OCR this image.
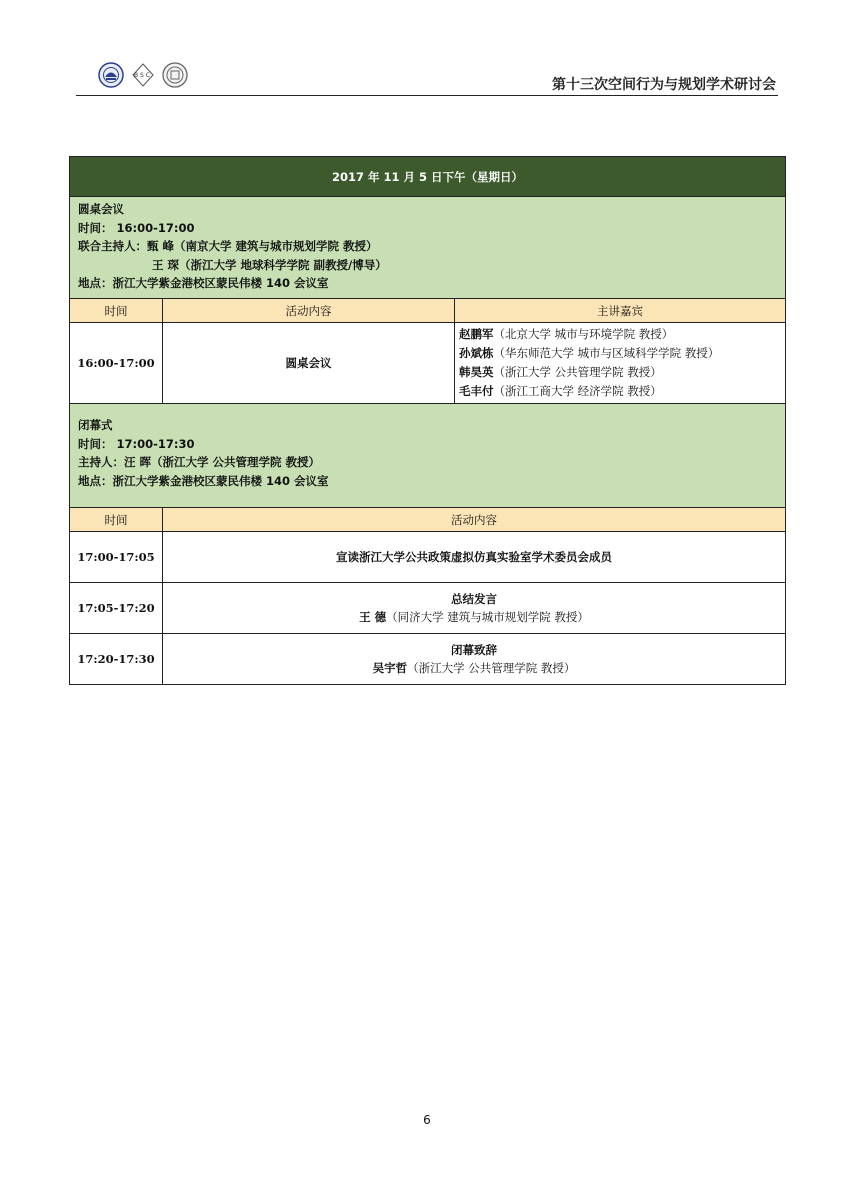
B S C
第十三次空间行为与规划学术研讨会
2017 年 11 月 5 日下午（星期日）		

圆桌会议
时间： 16:00-17:00
联合主持人：甄 峰（南京大学 建筑与城市规划学院 教授）
王 琛（浙江大学 地球科学学院 副教授/博导）
地点：浙江大学紫金港校区蒙民伟楼 140 会议室		

时间	活动内容	主讲嘉宾
16:00-17:00	圆桌会议	赵鹏军（北京大学 城市与环境学院 教授）
孙斌栋（华东师范大学 城市与区域科学学院 教授）
韩昊英（浙江大学 公共管理学院 教授）
毛丰付（浙江工商大学 经济学院 教授）

闭幕式
时间： 17:00-17:30
主持人：汪 晖（浙江大学 公共管理学院 教授）
地点：浙江大学紫金港校区蒙民伟楼 140 会议室		

时间	活动内容	
17:00-17:05	宣读浙江大学公共政策虚拟仿真实验室学术委员会成员	
17:05-17:20	总结发言
王 德（同济大学 建筑与城市规划学院 教授）	

17:20-17:30	闭幕致辞
吴宇哲（浙江大学 公共管理学院 教授）	
6
